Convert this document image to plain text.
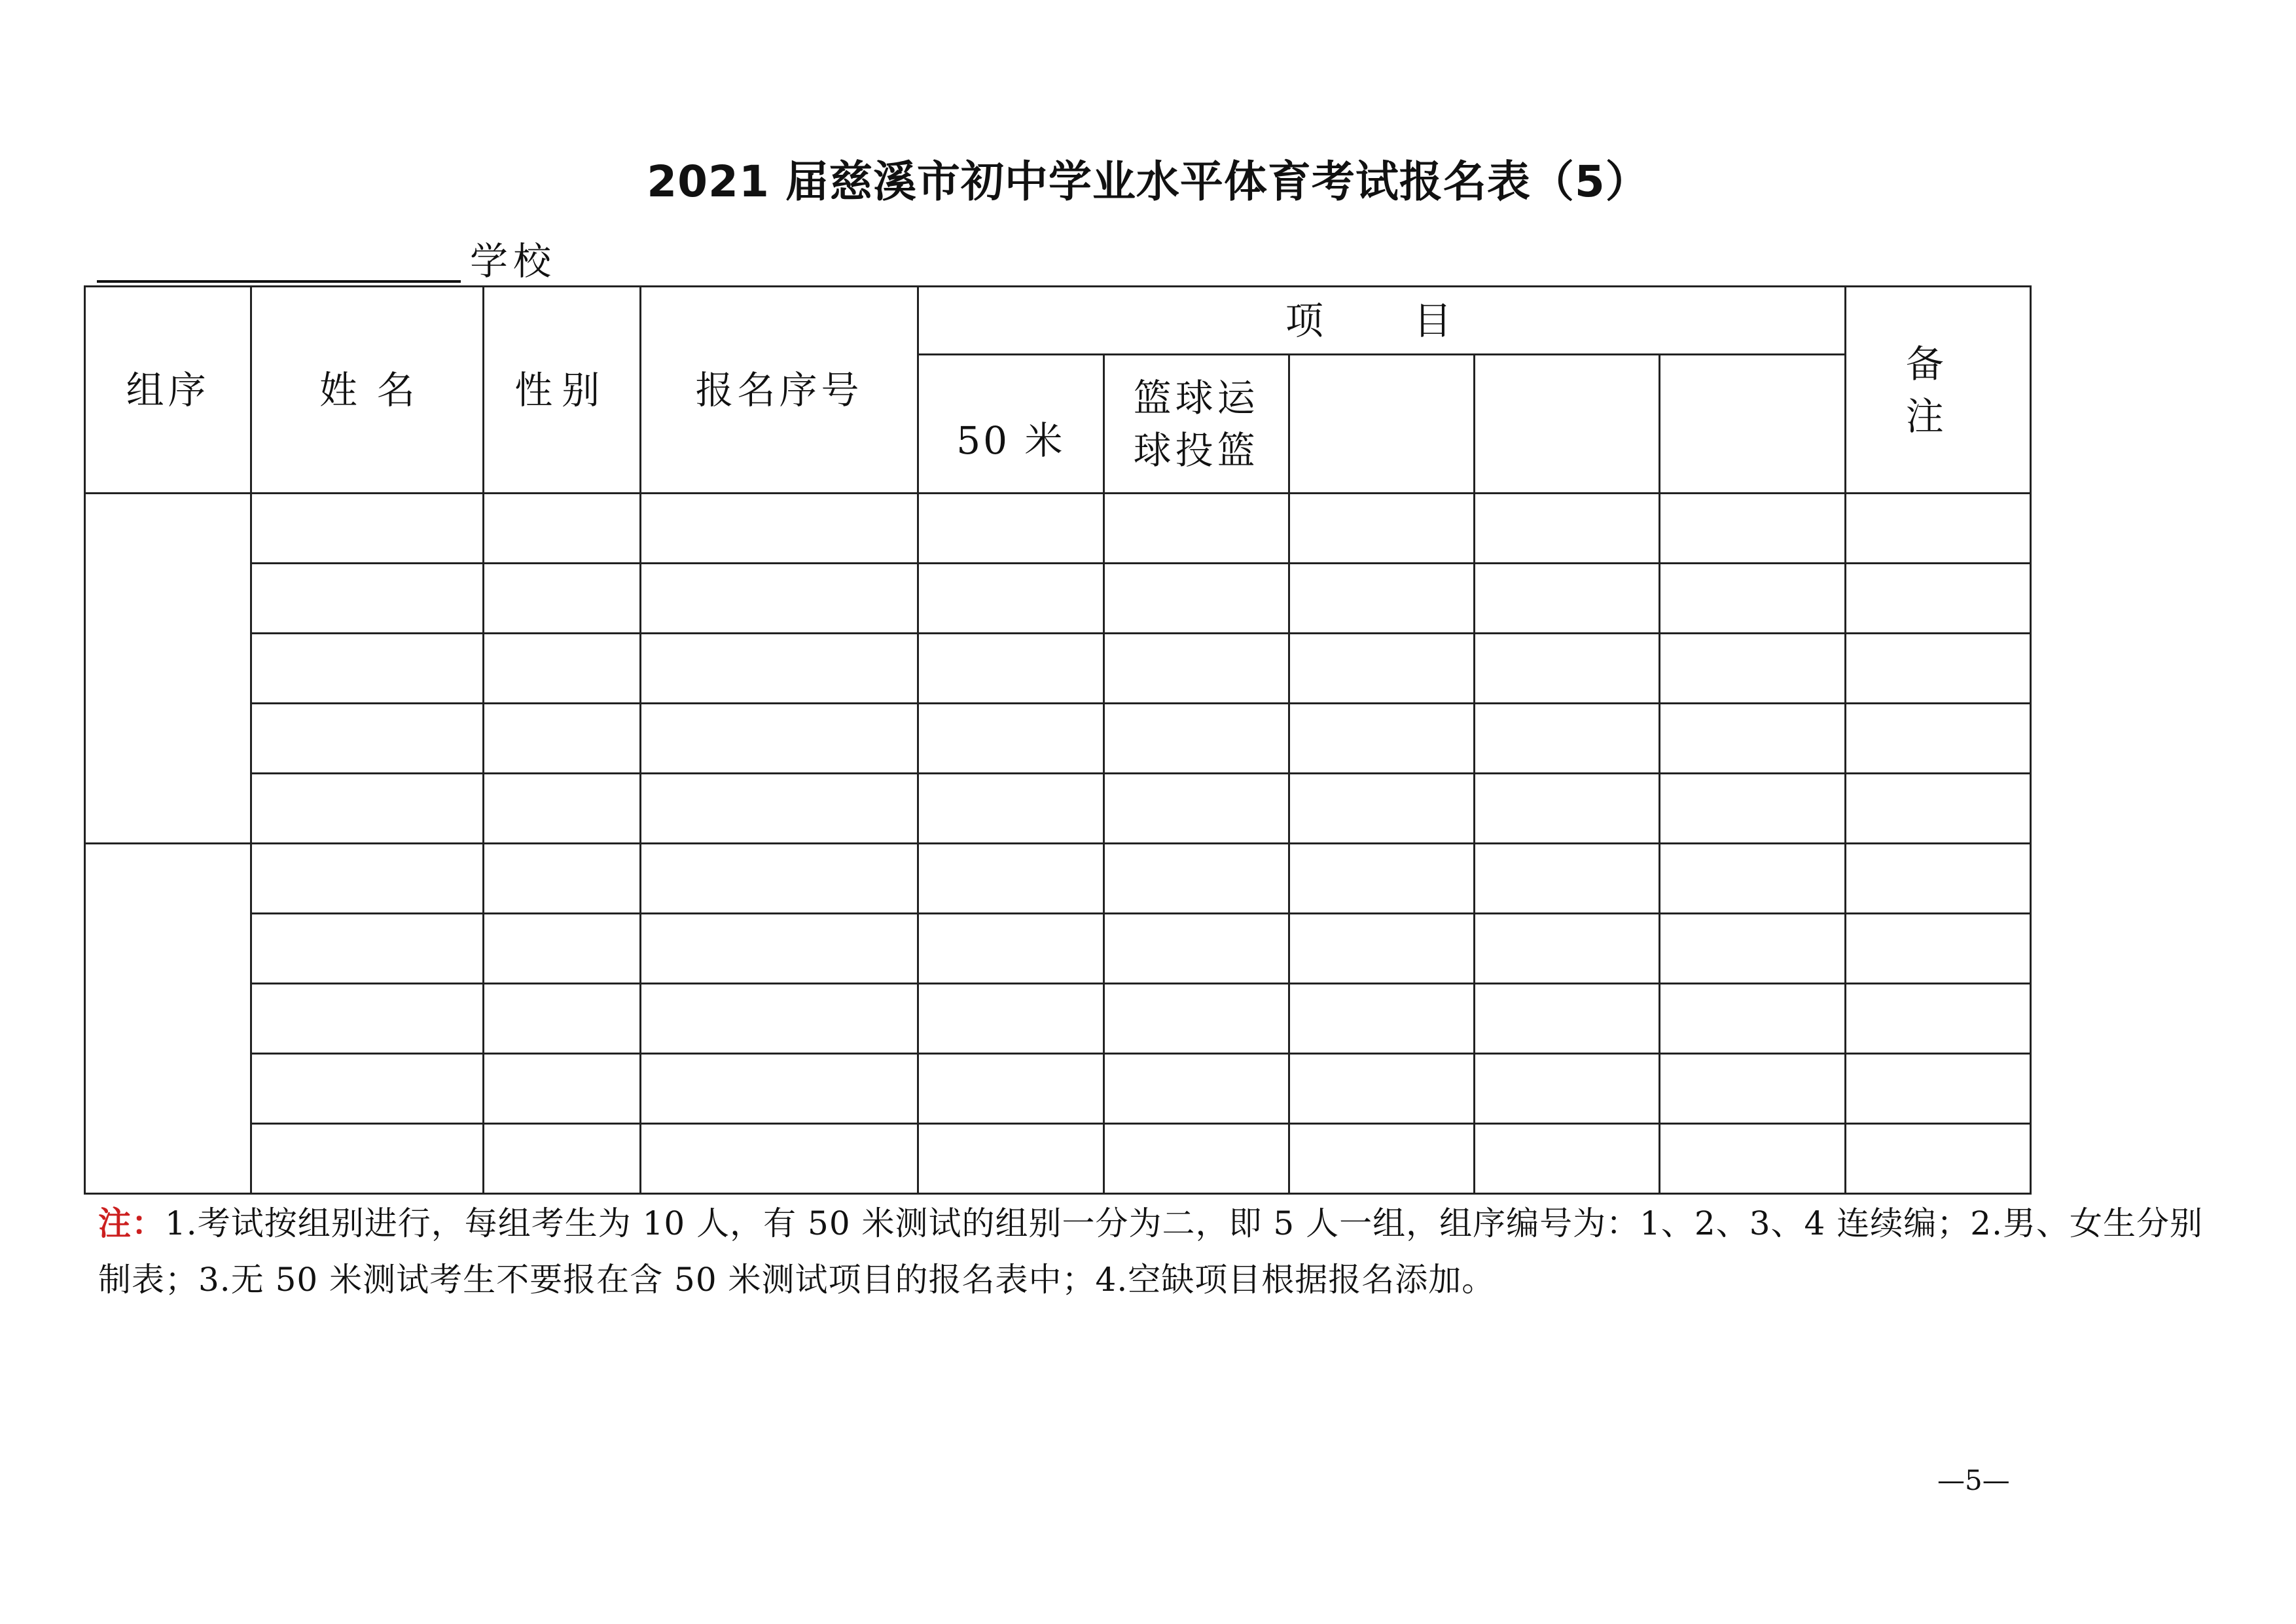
2021 届慈溪市初中学业水平体育考试报名表（5）
学校
组序	姓名	性别	报名序号	项　目					备　注
				50 米	篮球运
球投篮				

注：1.考试按组别进行，每组考生为 10 人，有 50 米测试的组别一分为二，即 5 人一组，组序编号为：1、2、3、4 连续编；2.男、女生分别制表；3.无 50 米测试考生不要报在含 50 米测试项目的报名表中；4.空缺项目根据报名添加。
—5—
